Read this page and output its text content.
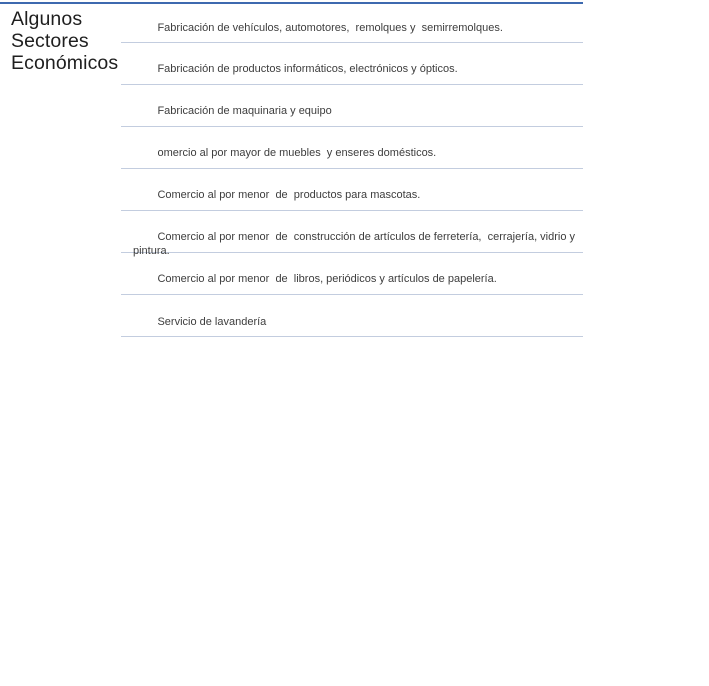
Algunos Sectores Económicos

Fabricación de vehículos, automotores,  remolques y  semirremolques.

Fabricación de productos informáticos, electrónicos y ópticos.

Fabricación de maquinaria y equipo

omercio al por mayor de muebles  y enseres domésticos.

Comercio al por menor  de  productos para mascotas.

Comercio al por menor  de  construcción de artículos de ferretería,  cerrajería, vidrio y pintura.

Comercio al por menor  de  libros, periódicos y artículos de papelería.

Servicio de lavandería
